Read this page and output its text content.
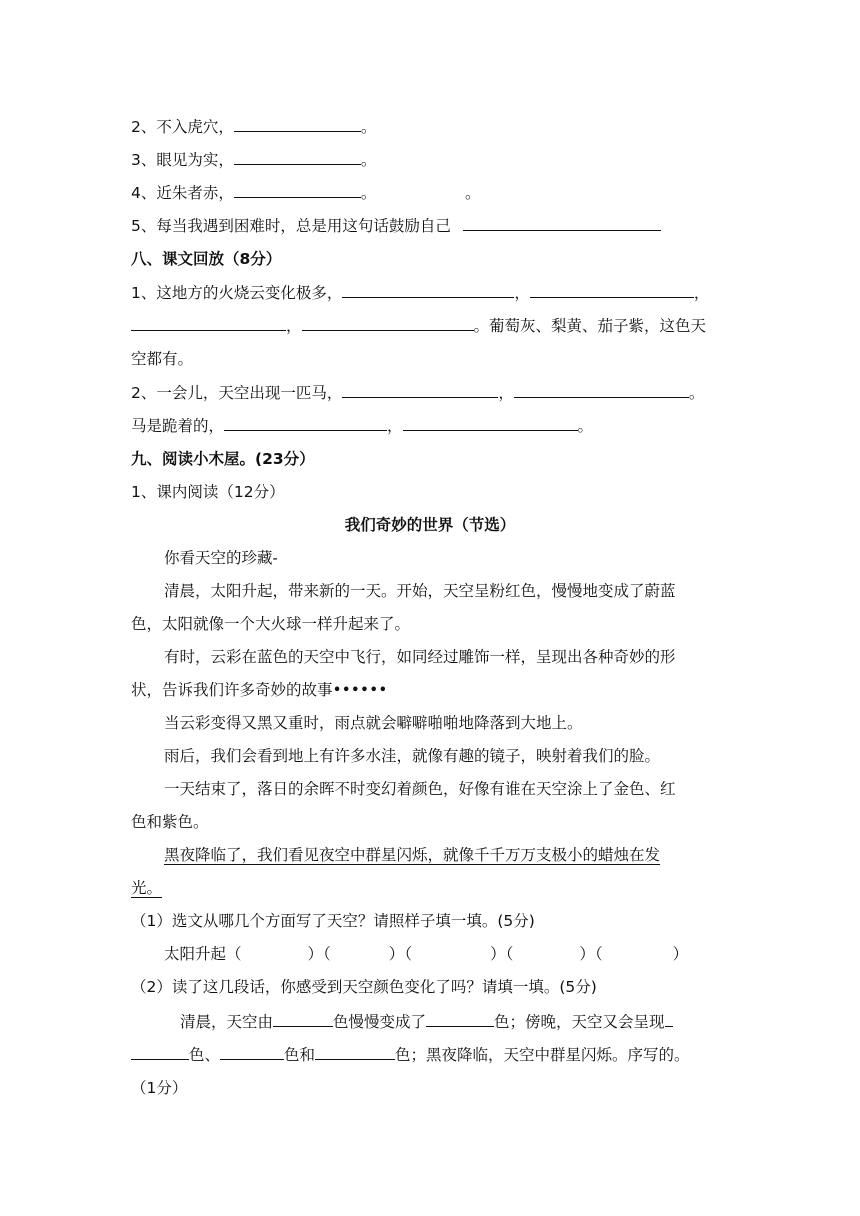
2、不入虎穴，	。
3、眼见为实，	。
4、近朱者赤，	。	。
5、每当我遇到困难时，总是用这句话鼓励自己
八、课文回放（8分）
1、这地方的火烧云变化极多，	，	，
，	。葡萄灰、梨黄、茄子紫，这色天
空都有。
2、一会儿，天空出现一匹马，	，	。
马是跪着的，	，	。
九、阅读小木屋。(23分）
1、课内阅读（12分）
我们奇妙的世界（节选）
你看天空的珍藏-
清晨，太阳升起，带来新的一天。开始，天空呈粉红色，慢慢地变成了蔚蓝
色，太阳就像一个大火球一样升起来了。
有时，云彩在蓝色的天空中飞行，如同经过雕饰一样，呈现出各种奇妙的形
状，告诉我们许多奇妙的故事••••••
当云彩变得又黑又重时，雨点就会噼噼啪啪地降落到大地上。
雨后，我们会看到地上有许多水洼，就像有趣的镜子，映射着我们的脸。
一天结束了，落日的余晖不时变幻着颜色，好像有谁在天空涂上了金色、红
色和紫色。
黑夜降临了，我们看见夜空中群星闪烁，就像千千万万支极小的蜡烛在发
光。
（1）选文从哪几个方面写了天空？请照样子填一填。(5分)
太阳升起（	）（	）（	）（	）（	）
（2）读了这几段话，你感受到天空颜色变化了吗？请填一填。(5分)
清晨，天空由	色慢慢变成了	色；傍晚，天空又会呈现
色、	色和	色；黑夜降临，天空中群星闪烁。序写的。
（1分）
